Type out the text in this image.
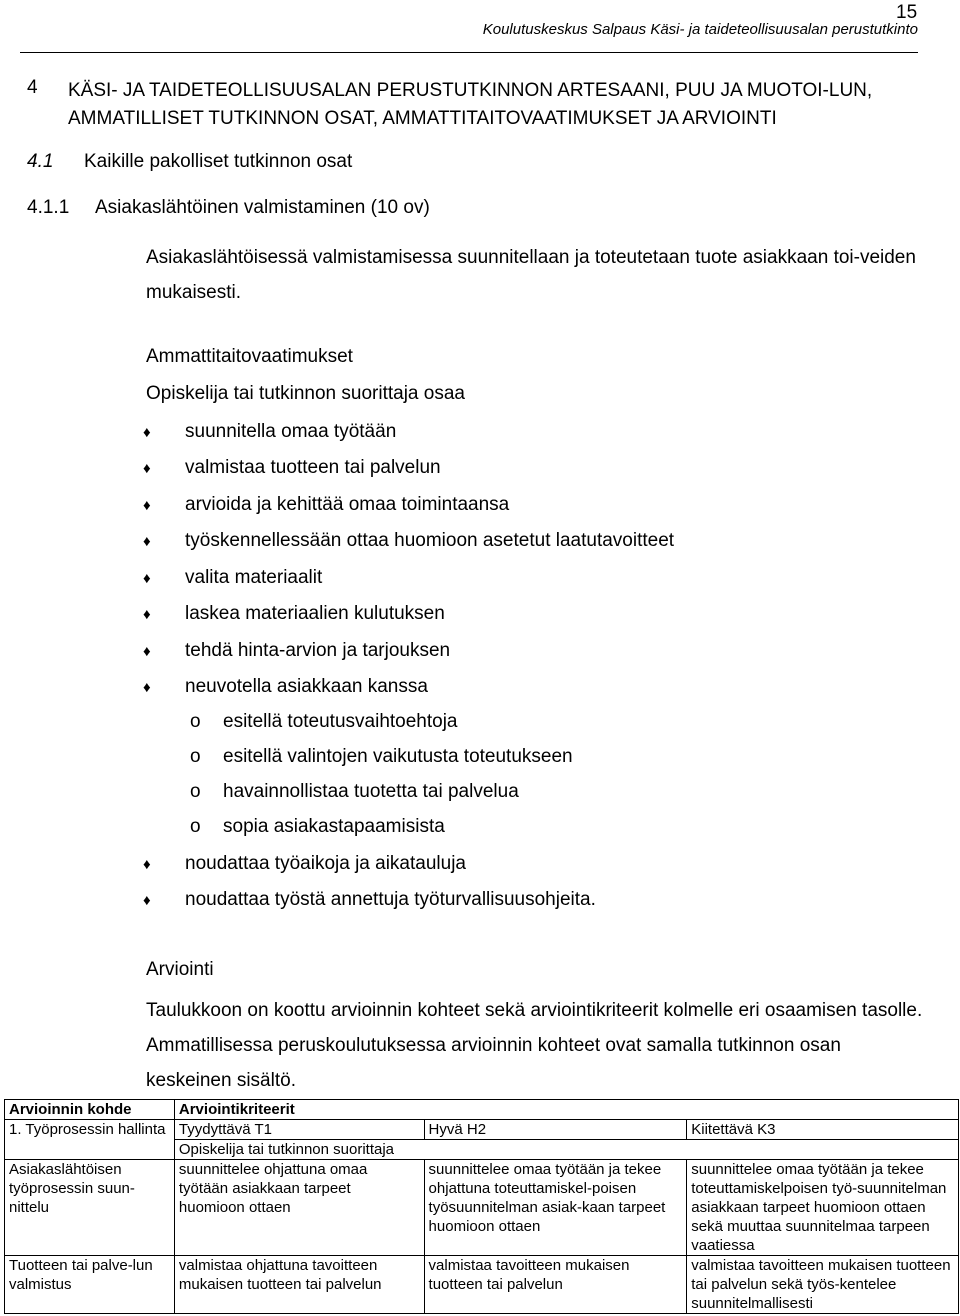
15
Koulutuskeskus Salpaus Käsi- ja taideteollisuusalan perustutkinto
4 KÄSI- JA TAIDETEOLLISUUSALAN PERUSTUTKINNON ARTESAANI, PUU JA MUOTOI-LUN, AMMATILLISET TUTKINNON OSAT, AMMATTITAITOVAATIMUKSET JA ARVIOINTI
4.1 Kaikille pakolliset tutkinnon osat
4.1.1 Asiakaslähtöinen valmistaminen (10 ov)
Asiakaslähtöisessä valmistamisessa suunnitellaan ja toteutetaan tuote asiakkaan toi-veiden mukaisesti.
Ammattitaitovaatimukset
Opiskelija tai tutkinnon suorittaja osaa
♦ suunnitella omaa työtään
♦ valmistaa tuotteen tai palvelun
♦ arvioida ja kehittää omaa toimintaansa
♦ työskennellessään ottaa huomioon asetetut laatutavoitteet
♦ valita materiaalit
♦ laskea materiaalien kulutuksen
♦ tehdä hinta-arvion ja tarjouksen
♦ neuvotella asiakkaan kanssa
o esitellä toteutusvaihtoehtoja
o esitellä valintojen vaikutusta toteutukseen
o havainnollistaa tuotetta tai palvelua
o sopia asiakastapaamisista
♦ noudattaa työaikoja ja aikatauluja
♦ noudattaa työstä annettuja työturvallisuusohjeita.
Arviointi
Taulukkoon on koottu arvioinnin kohteet sekä arviointikriteerit kolmelle eri osaamisen tasolle. Ammatillisessa peruskoulutuksessa arvioinnin kohteet ovat samalla tutkinnon osan keskeinen sisältö.
Arvioinnin kohde	Arviointikriteerit		
1. Työprosessin hallinta	Tyydyttävä T1	Hyvä H2	Kiitettävä K3
	Opiskelija tai tutkinnon suorittaja		
Asiakaslähtöisen työprosessin suun-nittelu	suunnittelee ohjattuna omaa työtään asiakkaan tarpeet huomioon ottaen	suunnittelee omaa työtään ja tekee ohjattuna toteuttamiskel-poisen työsuunnitelman asiak-kaan tarpeet huomioon ottaen	suunnittelee omaa työtään ja tekee toteuttamiskelpoisen työ-suunnitelman asiakkaan tarpeet huomioon ottaen sekä muuttaa suunnitelmaa tarpeen vaatiessa
Tuotteen tai palve-lun valmistus	valmistaa ohjattuna tavoitteen mukaisen tuotteen tai palvelun	valmistaa tavoitteen mukaisen tuotteen tai palvelun	valmistaa tavoitteen mukaisen tuotteen tai palvelun sekä työs-kentelee suunnitelmallisesti
